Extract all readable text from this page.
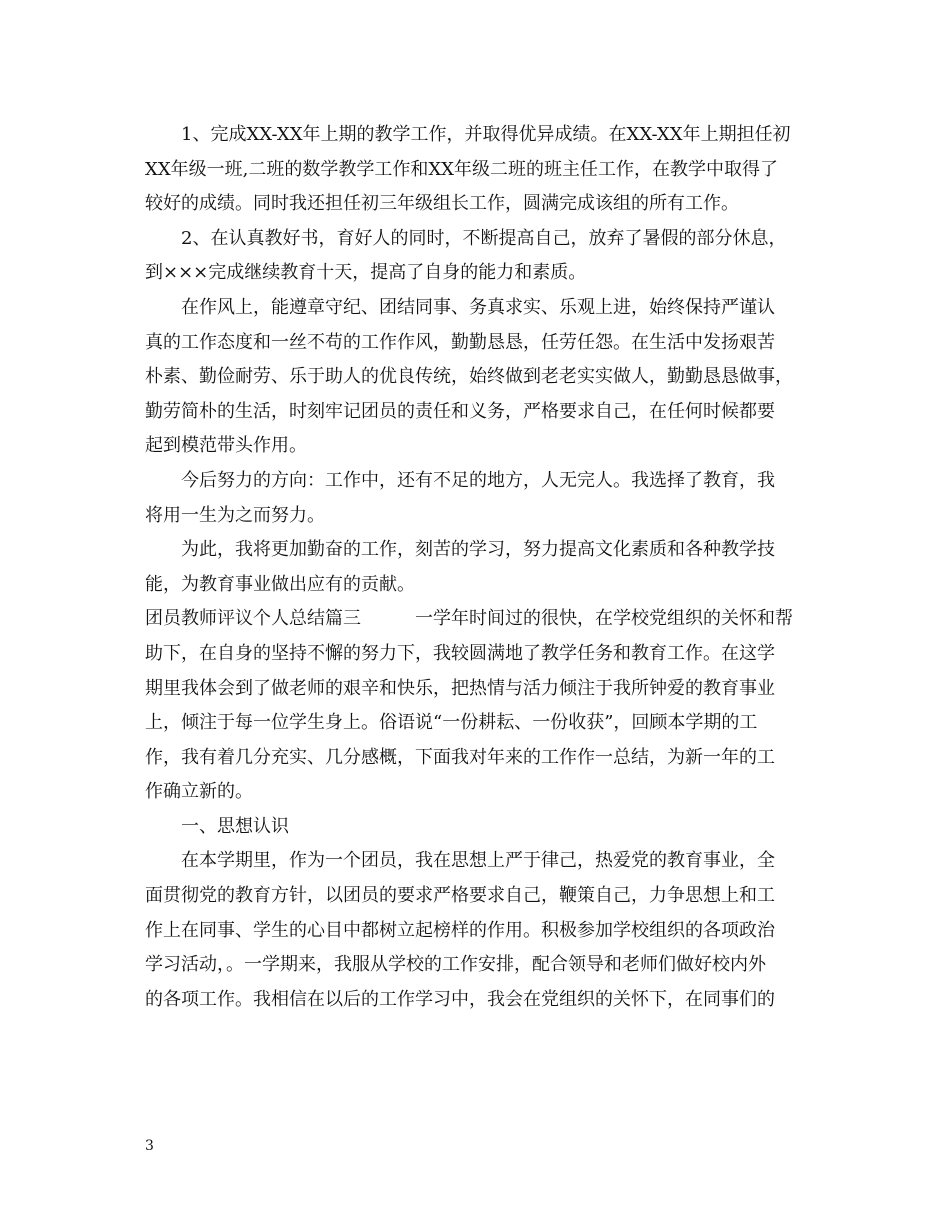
　　1、完成XX-XX年上期的教学工作，并取得优异成绩。在XX-XX年上期担任初
XX年级一班,二班的数学教学工作和XX年级二班的班主任工作，在教学中取得了
较好的成绩。同时我还担任初三年级组长工作，圆满完成该组的所有工作。
　　2、在认真教好书，育好人的同时，不断提高自己，放弃了暑假的部分休息，
到×××完成继续教育十天，提高了自身的能力和素质。
　　在作风上，能遵章守纪、团结同事、务真求实、乐观上进，始终保持严谨认
真的工作态度和一丝不苟的工作作风，勤勤恳恳，任劳任怨。在生活中发扬艰苦
朴素、勤俭耐劳、乐于助人的优良传统，始终做到老老实实做人，勤勤恳恳做事，
勤劳简朴的生活，时刻牢记团员的责任和义务，严格要求自己，在任何时候都要
起到模范带头作用。
　　今后努力的方向：工作中，还有不足的地方，人无完人。我选择了教育，我
将用一生为之而努力。
　　为此，我将更加勤奋的工作，刻苦的学习，努力提高文化素质和各种教学技
能，为教育事业做出应有的贡献。
团员教师评议个人总结篇三　　　一学年时间过的很快，在学校党组织的关怀和帮
助下，在自身的坚持不懈的努力下，我较圆满地了教学任务和教育工作。在这学
期里我体会到了做老师的艰辛和快乐，把热情与活力倾注于我所钟爱的教育事业
上，倾注于每一位学生身上。俗语说“一份耕耘、一份收获”，回顾本学期的工
作，我有着几分充实、几分感概，下面我对年来的工作作一总结，为新一年的工
作确立新的。
　　一、思想认识
　　在本学期里，作为一个团员，我在思想上严于律己，热爱党的教育事业，全
面贯彻党的教育方针，以团员的要求严格要求自己，鞭策自己，力争思想上和工
作上在同事、学生的心目中都树立起榜样的作用。积极参加学校组织的各项政治
学习活动，。一学期来，我服从学校的工作安排，配合领导和老师们做好校内外
的各项工作。我相信在以后的工作学习中，我会在党组织的关怀下，在同事们的
3
